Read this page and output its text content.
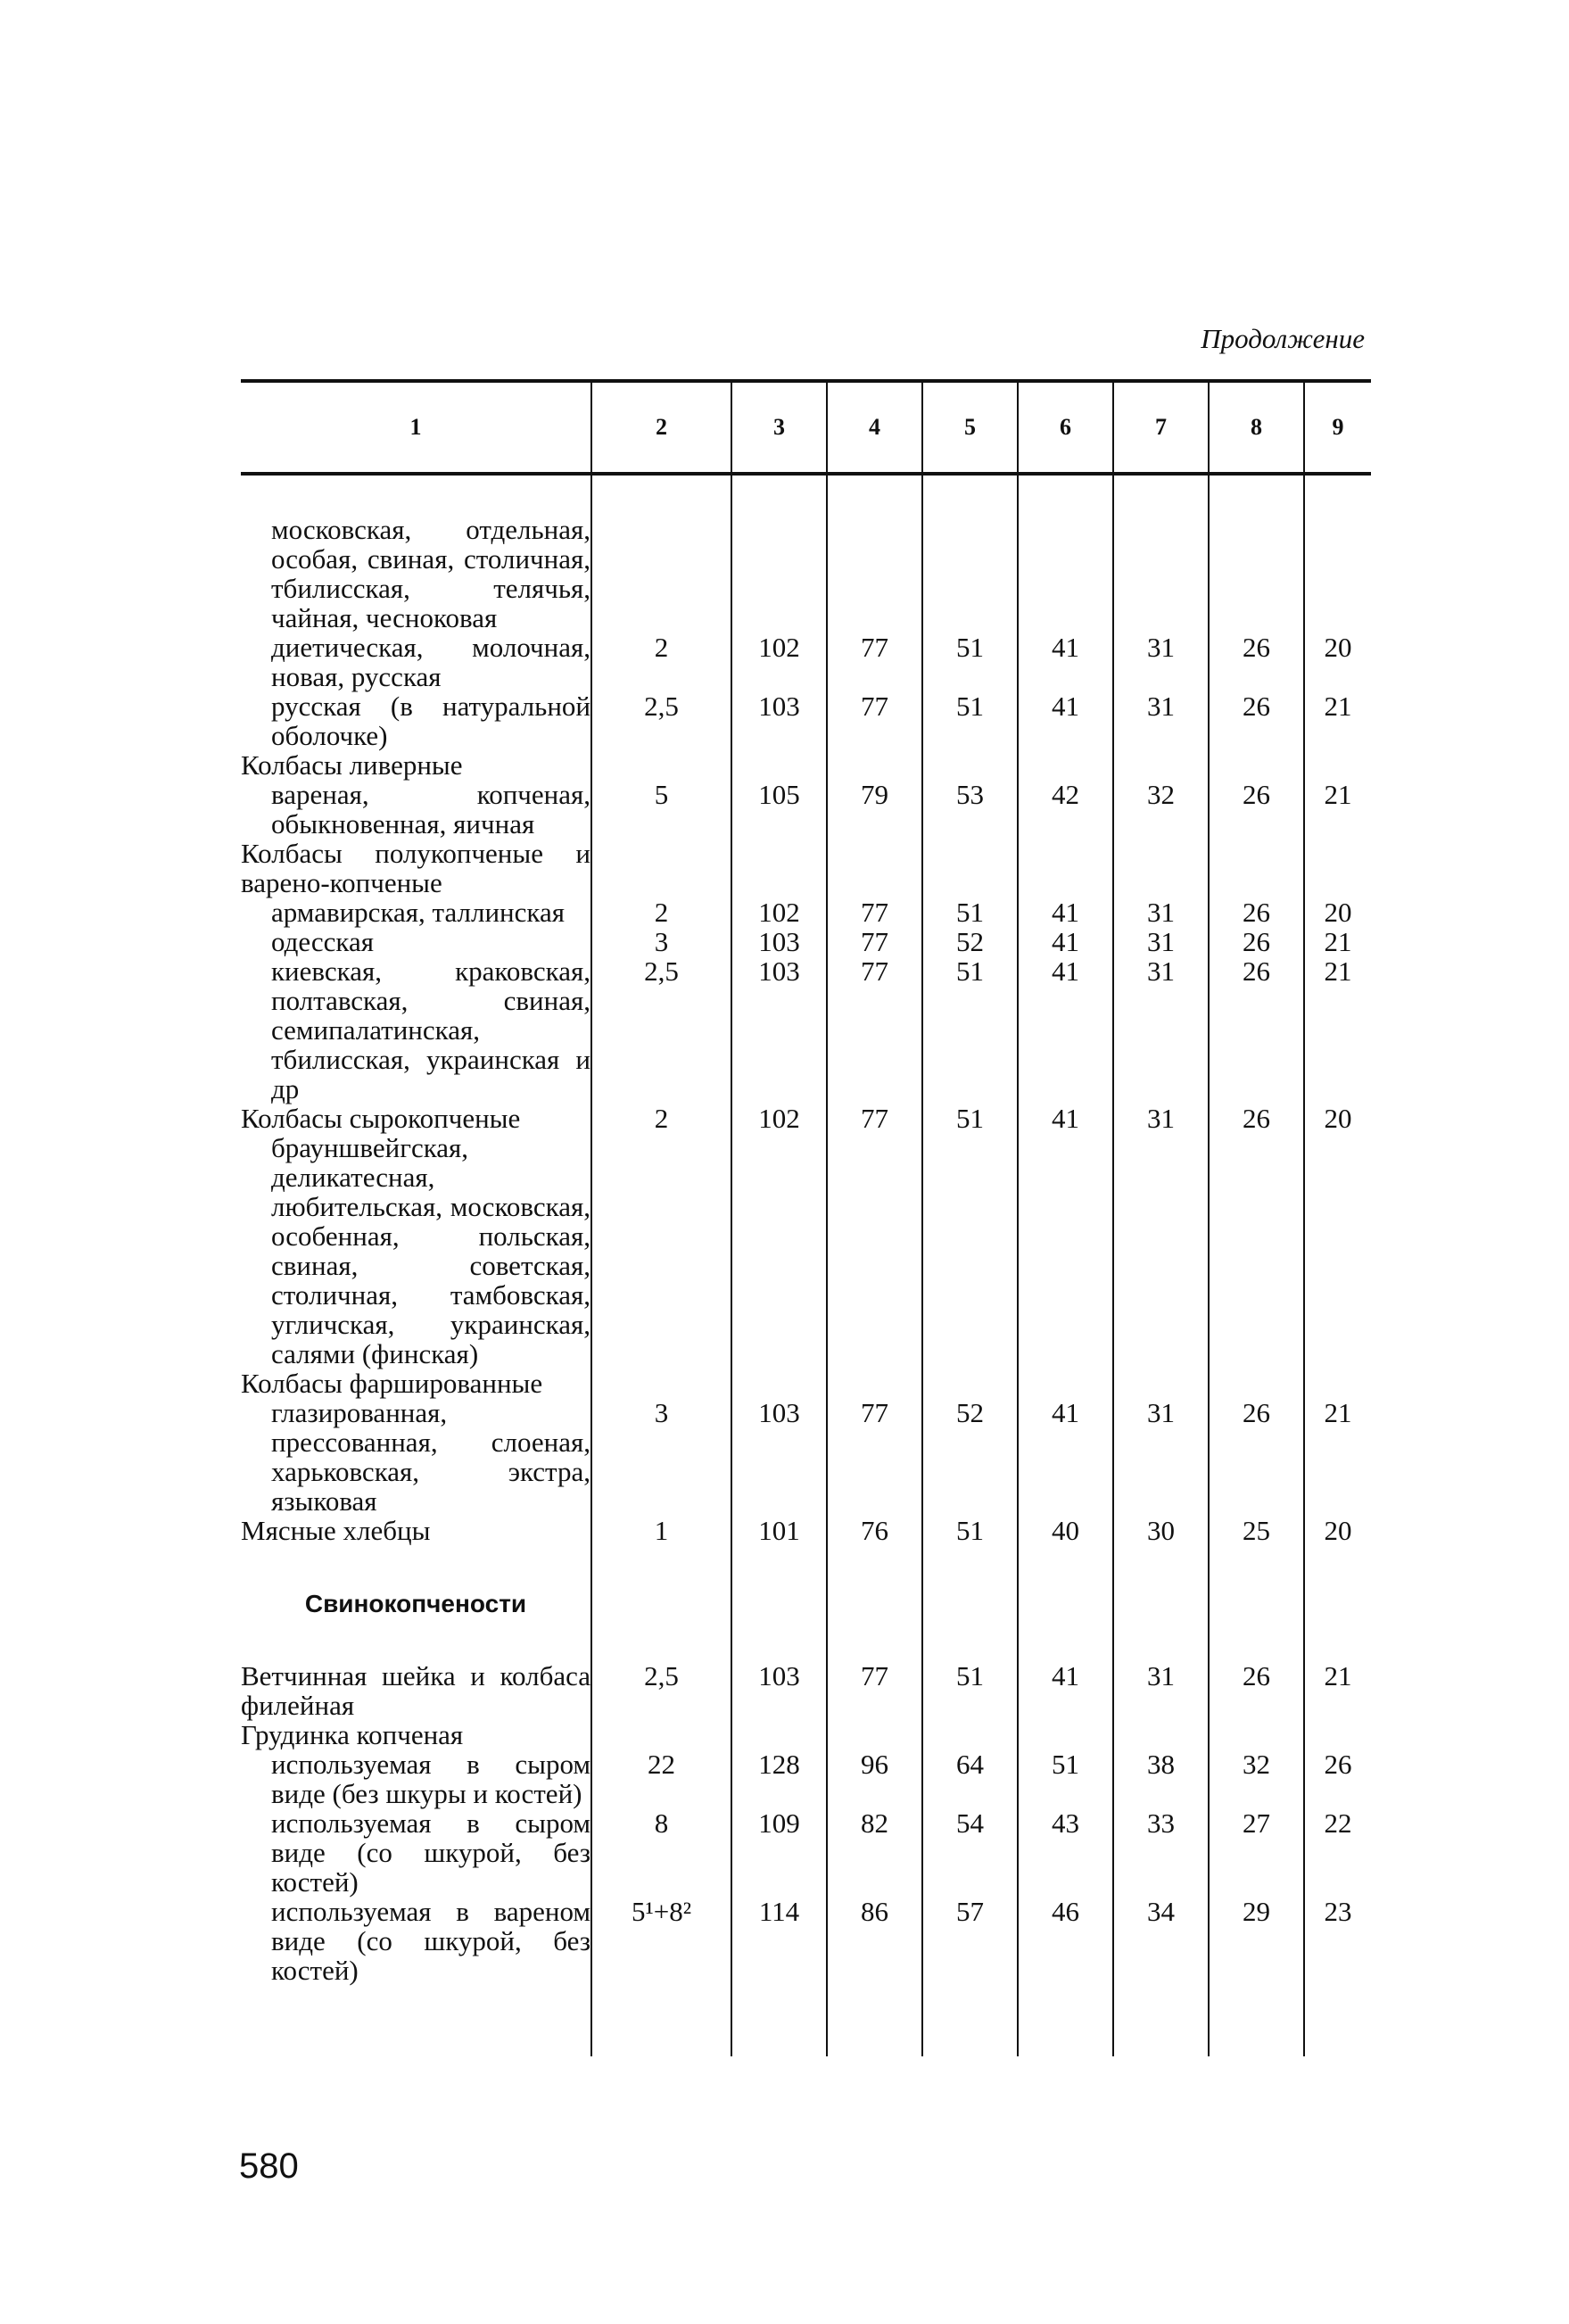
Продолжение
1	2	3	4	5	6	7	8	9

московская, отдельная, особая, свиная, столичная, тбилисская, телячья, чайная, чесноковая								
диетическая, молочная, новая, русская	2	102	77	51	41	31	26	20
русская (в натуральной оболочке)	2,5	103	77	51	41	31	26	21
Колбасы ливерные								
вареная, копченая, обыкновенная, яичная	5	105	79	53	42	32	26	21
Колбасы полукопченые и варено-копченые								
армавирская, таллинская	2	102	77	51	41	31	26	20
одесская	3	103	77	52	41	31	26	21
киевская, краковская, полтавская, свиная, семипалатинская, тбилисская, украинская и др	2,5	103	77	51	41	31	26	21
Колбасы сырокопченые	2	102	77	51	41	31	26	20
брауншвейгская, деликатесная, любительская, московская, особенная, польская, свиная, советская, столичная, тамбовская, угличская, украинская, салями (финская)								
Колбасы фаршированные								
глазированная, прессованная, слоеная, харьковская, экстра, языковая	3	103	77	52	41	31	26	21
Мясные хлебцы	1	101	76	51	40	30	25	20
Свинокопчености								
Ветчинная шейка и колбаса филейная	2,5	103	77	51	41	31	26	21
Грудинка копченая								
используемая в сыром виде (без шкуры и костей)	22	128	96	64	51	38	32	26
используемая в сыром виде (со шкурой, без костей)	8	109	82	54	43	33	27	22
используемая в вареном виде (со шкурой, без костей)	5¹+8²	114	86	57	46	34	29	23

580
